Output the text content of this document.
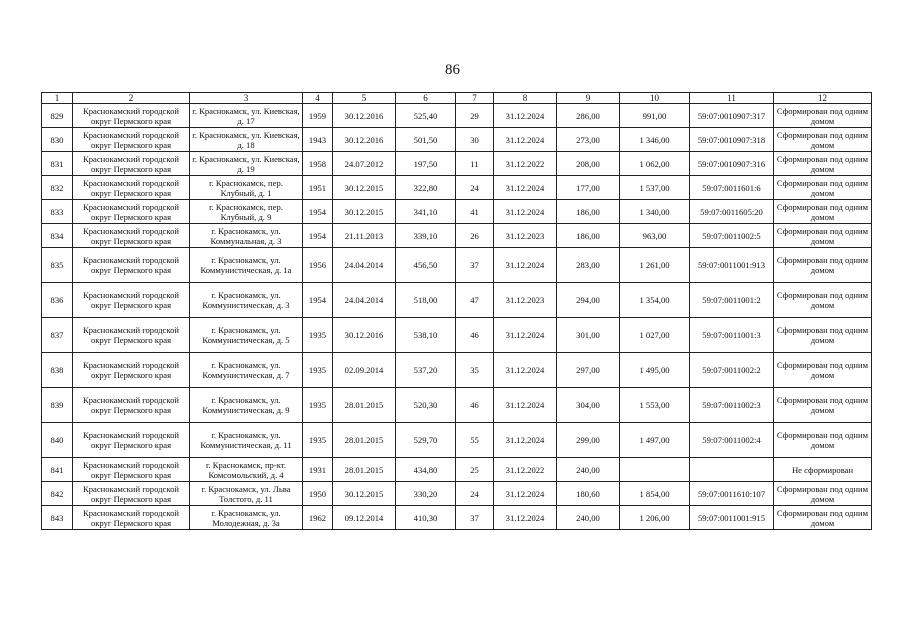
86
1	2	3	4	5	6	7	8	9	10	11	12
829	Краснокамский городской округ Пермского края	г. Краснокамск, ул. Киевская, д. 17	1959	30.12.2016	525,40	29	31.12.2024	286,00	991,00	59:07:0010907:317	Сформирован под одним домом
830	Краснокамский городской округ Пермского края	г. Краснокамск, ул. Киевская, д. 18	1943	30.12.2016	501,50	30	31.12.2024	273,00	1 346,00	59:07:0010907:318	Сформирован под одним домом
831	Краснокамский городской округ Пермского края	г. Краснокамск, ул. Киевская, д. 19	1958	24.07.2012	197,50	11	31.12.2022	208,00	1 062,00	59:07:0010907:316	Сформирован под одним домом
832	Краснокамский городской округ Пермского края	г. Краснокамск, пер. Клубный, д. 1	1951	30.12.2015	322,80	24	31.12.2024	177,00	1 537,00	59:07:0011601:6	Сформирован под одним домом
833	Краснокамский городской округ Пермского края	г. Краснокамск, пер. Клубный, д. 9	1954	30.12.2015	341,10	41	31.12.2024	186,00	1 340,00	59:07:0011605:20	Сформирован под одним домом
834	Краснокамский городской округ Пермского края	г. Краснокамск, ул. Коммунальная, д. 3	1954	21.11.2013	339,10	26	31.12.2023	186,00	963,00	59:07:0011002:5	Сформирован под одним домом
835	Краснокамский городской округ Пермского края	г. Краснокамск, ул. Коммунистическая, д. 1а	1956	24.04.2014	456,50	37	31.12.2024	283,00	1 261,00	59:07:0011001:913	Сформирован под одним домом
836	Краснокамский городской округ Пермского края	г. Краснокамск, ул. Коммунистическая, д. 3	1954	24.04.2014	518,00	47	31.12.2023	294,00	1 354,00	59:07:0011001:2	Сформирован под одним домом
837	Краснокамский городской округ Пермского края	г. Краснокамск, ул. Коммунистическая, д. 5	1935	30.12.2016	538,10	46	31.12.2024	301,00	1 027,00	59:07:0011001:3	Сформирован под одним домом
838	Краснокамский городской округ Пермского края	г. Краснокамск, ул. Коммунистическая, д. 7	1935	02.09.2014	537,20	35	31.12.2024	297,00	1 495,00	59:07:0011002:2	Сформирован под одним домом
839	Краснокамский городской округ Пермского края	г. Краснокамск, ул. Коммунистическая, д. 9	1935	28.01.2015	520,30	46	31.12.2024	304,00	1 553,00	59:07:0011002:3	Сформирован под одним домом
840	Краснокамский городской округ Пермского края	г. Краснокамск, ул. Коммунистическая, д. 11	1935	28.01.2015	529,70	55	31.12.2024	299,00	1 497,00	59:07:0011002:4	Сформирован под одним домом
841	Краснокамский городской округ Пермского края	г. Краснокамск, пр-кт. Комсомольский, д. 4	1931	28.01.2015	434,80	25	31.12.2022	240,00			Не сформирован
842	Краснокамский городской округ Пермского края	г. Краснокамск, ул. Льва Толстого, д. 11	1950	30.12.2015	330,20	24	31.12.2024	180,60	1 854,00	59:07:0011610:107	Сформирован под одним домом
843	Краснокамский городской округ Пермского края	г. Краснокамск, ул. Молодежная, д. 3а	1962	09.12.2014	410,30	37	31.12.2024	240,00	1 206,00	59:07:0011001:915	Сформирован под одним домом
